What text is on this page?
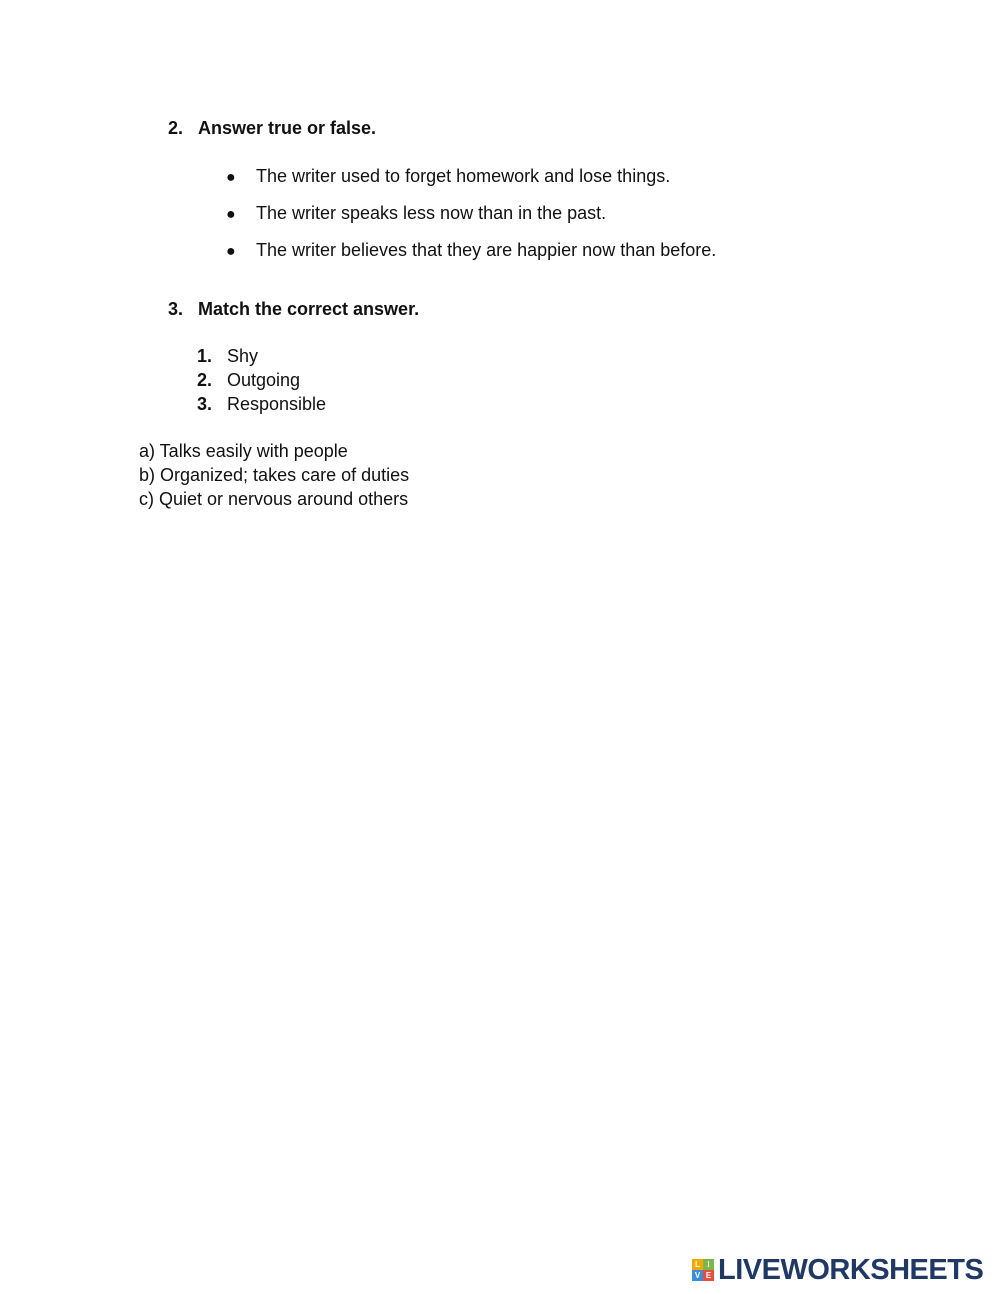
2. Answer true or false.
● The writer used to forget homework and lose things.
● The writer speaks less now than in the past.
● The writer believes that they are happier now than before.
3. Match the correct answer.
1. Shy
2. Outgoing
3. Responsible
a) Talks easily with people
b) Organized; takes care of duties
c) Quiet or nervous around others
L I
V E LIVEWORKSHEETS
